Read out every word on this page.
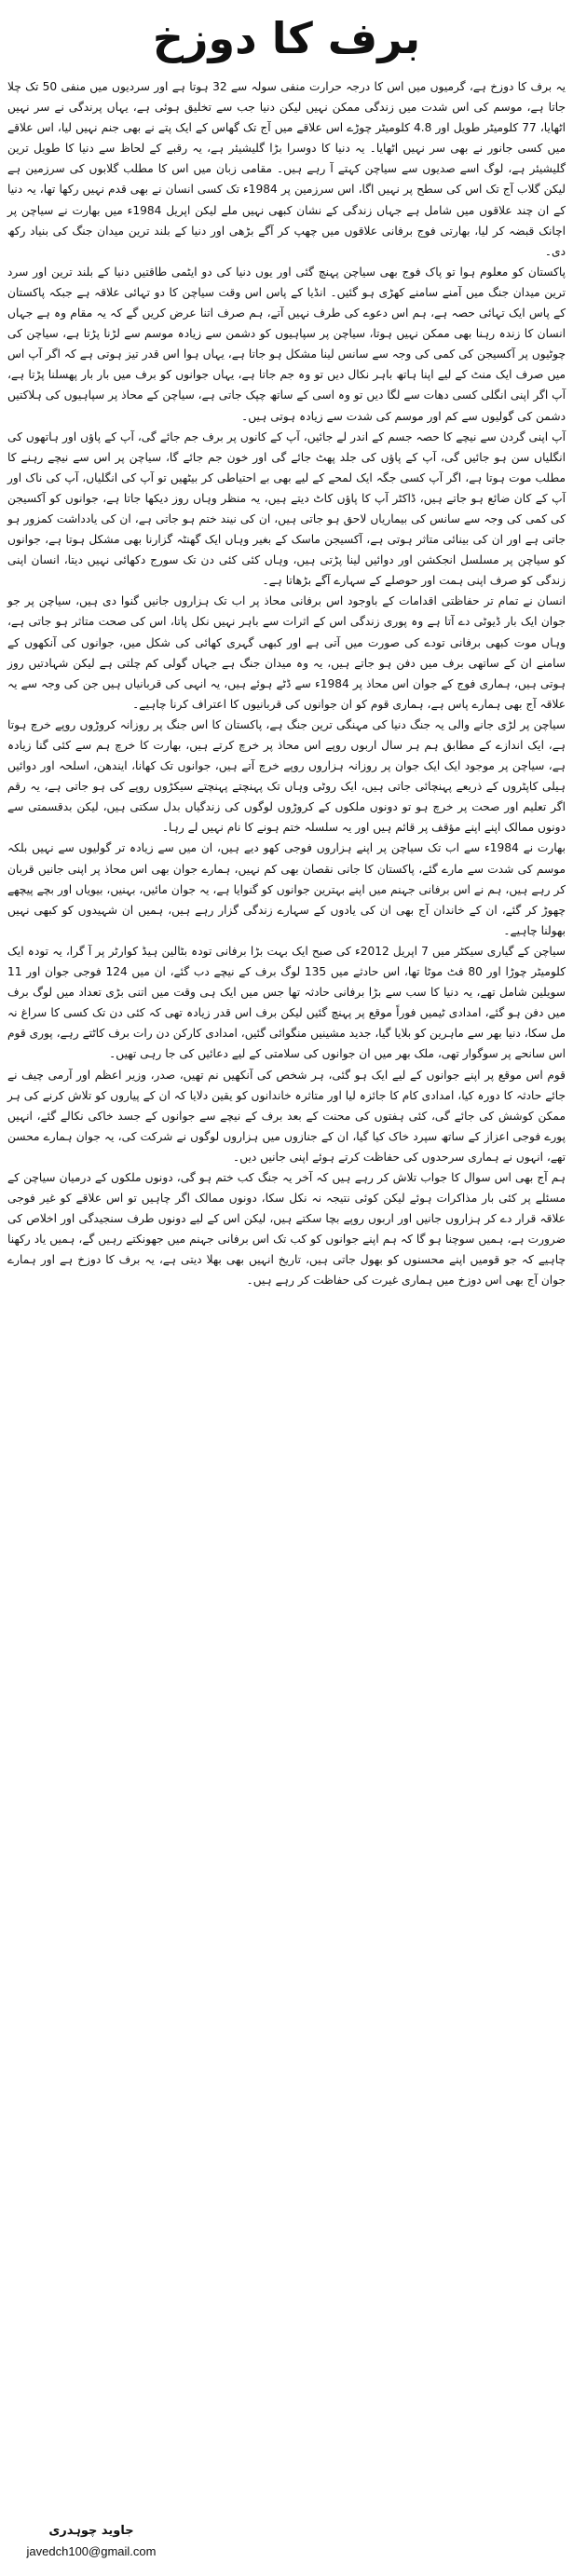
برف کا دوزخ

یہ برف کا دوزخ ہے، گرمیوں میں اس کا درجہ حرارت منفی سولہ سے 32 ہوتا ہے اور سردیوں میں منفی 50 تک چلا جاتا ہے، موسم کی اس شدت میں زندگی ممکن نہیں لیکن دنیا جب سے تخلیق ہوئی ہے، یہاں پرندگی نے سر نہیں اٹھایا، 77 کلومیٹر طویل اور 4.8 کلومیٹر چوڑے اس علاقے میں آج تک گھاس کے ایک پتے نے بھی جنم نہیں لیا، اس علاقے میں کسی جانور نے بھی سر نہیں اٹھایا۔ یہ دنیا کا دوسرا بڑا گلیشیئر ہے، یہ رقبے کے لحاظ سے دنیا کا طویل ترین گلیشیئر ہے، لوگ اسے صدیوں سے سیاچن کہتے آ رہے ہیں۔ مقامی زبان میں اس کا مطلب گلابوں کی سرزمین ہے لیکن گلاب آج تک اس کی سطح پر نہیں اگا، اس سرزمین پر 1984ء تک کسی انسان نے بھی قدم نہیں رکھا تھا، یہ دنیا کے ان چند علاقوں میں شامل ہے جہاں زندگی کے نشان کبھی نہیں ملے لیکن اپریل 1984ء میں بھارت نے سیاچن پر اچانک قبضہ کر لیا، بھارتی فوج برفانی علاقوں میں چھپ کر آگے بڑھی اور دنیا کے بلند ترین میدان جنگ کی بنیاد رکھ دی۔

پاکستان کو معلوم ہوا تو پاک فوج بھی سیاچن پہنچ گئی اور یوں دنیا کی دو ایٹمی طاقتیں دنیا کے بلند ترین اور سرد ترین میدان جنگ میں آمنے سامنے کھڑی ہو گئیں۔ انڈیا کے پاس اس وقت سیاچن کا دو تہائی علاقہ ہے جبکہ پاکستان کے پاس ایک تہائی حصہ ہے، ہم اس دعوے کی طرف نہیں آتے، ہم صرف اتنا عرض کریں گے کہ یہ مقام وہ ہے جہاں انسان کا زندہ رہنا بھی ممکن نہیں ہوتا، سیاچن پر سپاہیوں کو دشمن سے زیادہ موسم سے لڑنا پڑتا ہے، سیاچن کی چوٹیوں پر آکسیجن کی کمی کی وجہ سے سانس لینا مشکل ہو جاتا ہے، یہاں ہوا اس قدر تیز ہوتی ہے کہ اگر آپ اس میں صرف ایک منٹ کے لیے اپنا ہاتھ باہر نکال دیں تو وہ جم جاتا ہے، یہاں جوانوں کو برف میں بار بار پھسلنا پڑتا ہے، آپ اگر اپنی انگلی کسی دھات سے لگا دیں تو وہ اسی کے ساتھ چپک جاتی ہے، سیاچن کے محاذ پر سپاہیوں کی ہلاکتیں دشمن کی گولیوں سے کم اور موسم کی شدت سے زیادہ ہوتی ہیں۔

آپ اپنی گردن سے نیچے کا حصہ جسم کے اندر لے جائیں، آپ کے کانوں پر برف جم جائے گی، آپ کے پاؤں اور ہاتھوں کی انگلیاں سن ہو جائیں گی، آپ کے پاؤں کی جلد پھٹ جائے گی اور خون جم جائے گا، سیاچن پر اس سے نیچے رہنے کا مطلب موت ہوتا ہے، اگر آپ کسی جگہ ایک لمحے کے لیے بھی بے احتیاطی کر بیٹھیں تو آپ کی انگلیاں، آپ کی ناک اور آپ کے کان ضائع ہو جاتے ہیں، ڈاکٹر آپ کا پاؤں کاٹ دیتے ہیں، یہ منظر وہاں روز دیکھا جاتا ہے، جوانوں کو آکسیجن کی کمی کی وجہ سے سانس کی بیماریاں لاحق ہو جاتی ہیں، ان کی نیند ختم ہو جاتی ہے، ان کی یادداشت کمزور ہو جاتی ہے اور ان کی بینائی متاثر ہوتی ہے، آکسیجن ماسک کے بغیر وہاں ایک گھنٹہ گزارنا بھی مشکل ہوتا ہے، جوانوں کو سیاچن پر مسلسل انجکشن اور دوائیں لینا پڑتی ہیں، وہاں کئی کئی دن تک سورج دکھائی نہیں دیتا، انسان اپنی زندگی کو صرف اپنی ہمت اور حوصلے کے سہارے آگے بڑھاتا ہے۔

انسان نے تمام تر حفاظتی اقدامات کے باوجود اس برفانی محاذ پر اب تک ہزاروں جانیں گنوا دی ہیں، سیاچن پر جو جوان ایک بار ڈیوٹی دے آتا ہے وہ پوری زندگی اس کے اثرات سے باہر نہیں نکل پاتا، اس کی صحت متاثر ہو جاتی ہے، وہاں موت کبھی برفانی تودے کی صورت میں آتی ہے اور کبھی گہری کھائی کی شکل میں، جوانوں کی آنکھوں کے سامنے ان کے ساتھی برف میں دفن ہو جاتے ہیں، یہ وہ میدان جنگ ہے جہاں گولی کم چلتی ہے لیکن شہادتیں روز ہوتی ہیں، ہماری فوج کے جوان اس محاذ پر 1984ء سے ڈٹے ہوئے ہیں، یہ انہی کی قربانیاں ہیں جن کی وجہ سے یہ علاقہ آج بھی ہمارے پاس ہے، ہماری قوم کو ان جوانوں کی قربانیوں کا اعتراف کرنا چاہیے۔

سیاچن پر لڑی جانے والی یہ جنگ دنیا کی مہنگی ترین جنگ ہے، پاکستان کا اس جنگ پر روزانہ کروڑوں روپے خرچ ہوتا ہے، ایک اندازے کے مطابق ہم ہر سال اربوں روپے اس محاذ پر خرچ کرتے ہیں، بھارت کا خرچ ہم سے کئی گنا زیادہ ہے، سیاچن پر موجود ایک ایک جوان پر روزانہ ہزاروں روپے خرچ آتے ہیں، جوانوں تک کھانا، ایندھن، اسلحہ اور دوائیں ہیلی کاپٹروں کے ذریعے پہنچائی جاتی ہیں، ایک روٹی وہاں تک پہنچتے پہنچتے سیکڑوں روپے کی ہو جاتی ہے، یہ رقم اگر تعلیم اور صحت پر خرچ ہو تو دونوں ملکوں کے کروڑوں لوگوں کی زندگیاں بدل سکتی ہیں، لیکن بدقسمتی سے دونوں ممالک اپنے اپنے مؤقف پر قائم ہیں اور یہ سلسلہ ختم ہونے کا نام نہیں لے رہا۔

بھارت نے 1984ء سے اب تک سیاچن پر اپنے ہزاروں فوجی کھو دیے ہیں، ان میں سے زیادہ تر گولیوں سے نہیں بلکہ موسم کی شدت سے مارے گئے، پاکستان کا جانی نقصان بھی کم نہیں، ہمارے جوان بھی اس محاذ پر اپنی جانیں قربان کر رہے ہیں، ہم نے اس برفانی جہنم میں اپنے بہترین جوانوں کو گنوایا ہے، یہ جوان مائیں، بہنیں، بیویاں اور بچے پیچھے چھوڑ کر گئے، ان کے خاندان آج بھی ان کی یادوں کے سہارے زندگی گزار رہے ہیں، ہمیں ان شہیدوں کو کبھی نہیں بھولنا چاہیے۔

سیاچن کے گیاری سیکٹر میں 7 اپریل 2012ء کی صبح ایک بہت بڑا برفانی تودہ بٹالین ہیڈ کوارٹر پر آ گرا، یہ تودہ ایک کلومیٹر چوڑا اور 80 فٹ موٹا تھا، اس حادثے میں 135 لوگ برف کے نیچے دب گئے، ان میں 124 فوجی جوان اور 11 سویلین شامل تھے، یہ دنیا کا سب سے بڑا برفانی حادثہ تھا جس میں ایک ہی وقت میں اتنی بڑی تعداد میں لوگ برف میں دفن ہو گئے، امدادی ٹیمیں فوراً موقع پر پہنچ گئیں لیکن برف اس قدر زیادہ تھی کہ کئی دن تک کسی کا سراغ نہ مل سکا، دنیا بھر سے ماہرین کو بلایا گیا، جدید مشینیں منگوائی گئیں، امدادی کارکن دن رات برف کاٹتے رہے، پوری قوم اس سانحے پر سوگوار تھی، ملک بھر میں ان جوانوں کی سلامتی کے لیے دعائیں کی جا رہی تھیں۔

قوم اس موقع پر اپنے جوانوں کے لیے ایک ہو گئی، ہر شخص کی آنکھیں نم تھیں، صدر، وزیر اعظم اور آرمی چیف نے جائے حادثہ کا دورہ کیا، امدادی کام کا جائزہ لیا اور متاثرہ خاندانوں کو یقین دلایا کہ ان کے پیاروں کو تلاش کرنے کی ہر ممکن کوشش کی جائے گی، کئی ہفتوں کی محنت کے بعد برف کے نیچے سے جوانوں کے جسد خاکی نکالے گئے، انہیں پورے فوجی اعزاز کے ساتھ سپرد خاک کیا گیا، ان کے جنازوں میں ہزاروں لوگوں نے شرکت کی، یہ جوان ہمارے محسن تھے، انہوں نے ہماری سرحدوں کی حفاظت کرتے ہوئے اپنی جانیں دیں۔

ہم آج بھی اس سوال کا جواب تلاش کر رہے ہیں کہ آخر یہ جنگ کب ختم ہو گی، دونوں ملکوں کے درمیان سیاچن کے مسئلے پر کئی بار مذاکرات ہوئے لیکن کوئی نتیجہ نہ نکل سکا، دونوں ممالک اگر چاہیں تو اس علاقے کو غیر فوجی علاقہ قرار دے کر ہزاروں جانیں اور اربوں روپے بچا سکتے ہیں، لیکن اس کے لیے دونوں طرف سنجیدگی اور اخلاص کی ضرورت ہے، ہمیں سوچنا ہو گا کہ ہم اپنے جوانوں کو کب تک اس برفانی جہنم میں جھونکتے رہیں گے، ہمیں یاد رکھنا چاہیے کہ جو قومیں اپنے محسنوں کو بھول جاتی ہیں، تاریخ انہیں بھی بھلا دیتی ہے، یہ برف کا دوزخ ہے اور ہمارے جوان آج بھی اس دوزخ میں ہماری غیرت کی حفاظت کر رہے ہیں۔

جاوید چوہدری
javedch100@gmail.com
